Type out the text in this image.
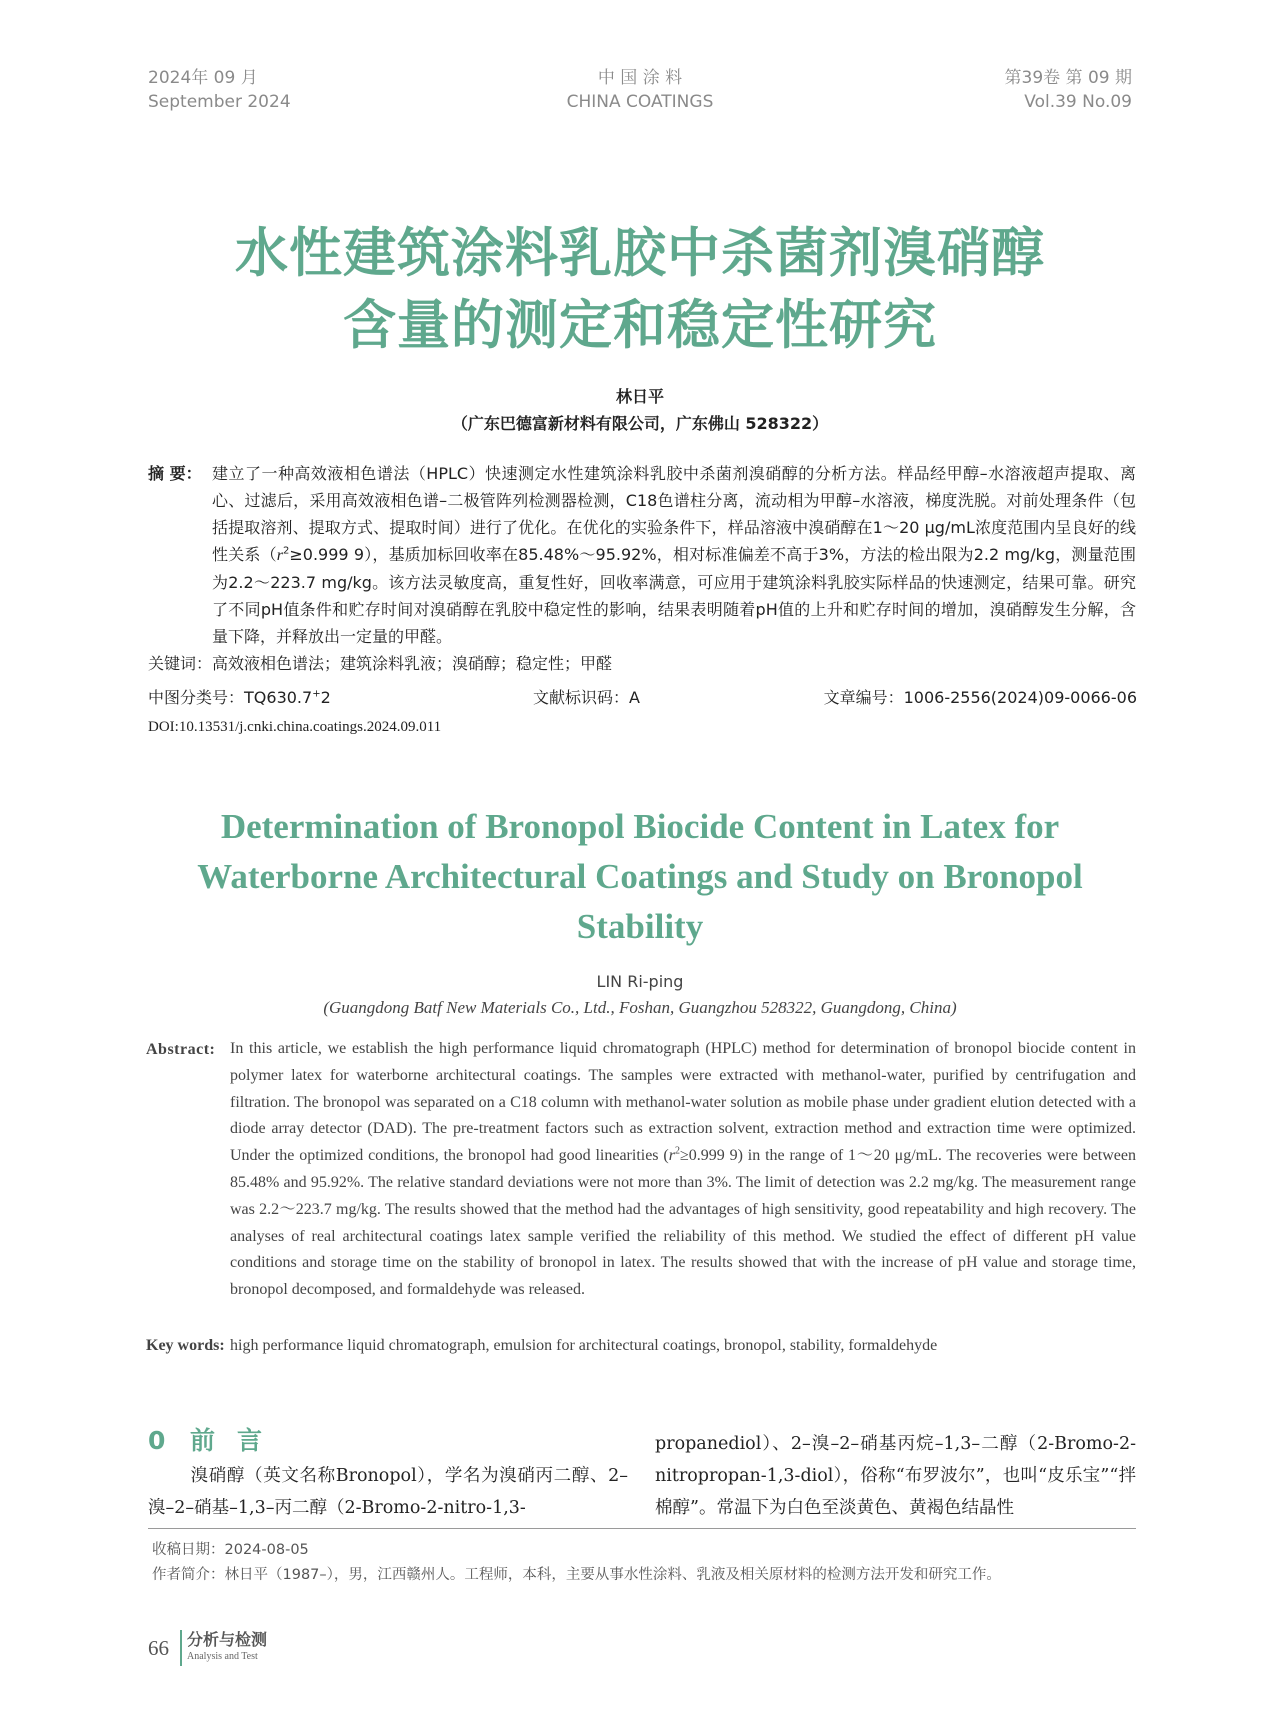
2024年 09 月
September 2024
中 国 涂 料
CHINA COATINGS
第39卷 第 09 期
Vol.39 No.09
水性建筑涂料乳胶中杀菌剂溴硝醇
含量的测定和稳定性研究
林日平
（广东巴德富新材料有限公司，广东佛山 528322）
摘 要： 建立了一种高效液相色谱法（HPLC）快速测定水性建筑涂料乳胶中杀菌剂溴硝醇的分析方法。样品经甲醇–水溶液超声提取、离心、过滤后，采用高效液相色谱–二极管阵列检测器检测，C18色谱柱分离，流动相为甲醇–水溶液，梯度洗脱。对前处理条件（包括提取溶剂、提取方式、提取时间）进行了优化。在优化的实验条件下，样品溶液中溴硝醇在1～20 μg/mL浓度范围内呈良好的线性关系（$r^2\ge 0.999$ 9），基质加标回收率在85.48%～95.92%，相对标准偏差不高于3%，方法的检出限为2.2 mg/kg，测量范围为2.2～223.7 mg/kg。该方法灵敏度高，重复性好，回收率满意，可应用于建筑涂料乳胶实际样品的快速测定，结果可靠。研究了不同pH值条件和贮存时间对溴硝醇在乳胶中稳定性的影响，结果表明随着pH值的上升和贮存时间的增加，溴硝醇发生分解，含量下降，并释放出一定量的甲醛。
关键词：高效液相色谱法；建筑涂料乳液；溴硝醇；稳定性；甲醛
中图分类号：TQ630.7+2	文献标识码：A	文章编号：1006-2556(2024)09-0066-06
DOI:10.13531/j.cnki.china.coatings.2024.09.011
Determination of Bronopol Biocide Content in Latex for
Waterborne Architectural Coatings and Study on Bronopol
Stability
LIN Ri-ping
(Guangdong Batf New Materials Co., Ltd., Foshan, Guangzhou 528322, Guangdong, China)
Abstract: In this article, we establish the high performance liquid chromatograph (HPLC) method for determination of bronopol biocide content in polymer latex for waterborne architectural coatings. The samples were extracted with methanol-water, purified by centrifugation and filtration. The bronopol was separated on a C18 column with methanol-water solution as mobile phase under gradient elution detected with a diode array detector (DAD). The pre-treatment factors such as extraction solvent, extraction method and extraction time were optimized. Under the optimized conditions, the bronopol had good linearities ($r^2\ge 0.999$ 9) in the range of 1～20 μg/mL. The recoveries were between 85.48% and 95.92%. The relative standard deviations were not more than 3%. The limit of detection was 2.2 mg/kg. The measurement range was 2.2～223.7 mg/kg. The results showed that the method had the advantages of high sensitivity, good repeatability and high recovery. The analyses of real architectural coatings latex sample verified the reliability of this method. We studied the effect of different pH value conditions and storage time on the stability of bronopol in latex. The results showed that with the increase of pH value and storage time, bronopol decomposed, and formaldehyde was released.
Key words: high performance liquid chromatograph, emulsion for architectural coatings, bronopol, stability, formaldehyde
0 前言
溴硝醇（英文名称Bronopol），学名为溴硝丙二醇、2–溴–2–硝基–1,3–丙二醇（2-Bromo-2-nitro-1,3-
propanediol）、2–溴–2–硝基丙烷–1,3–二醇（2-Bromo-2-nitropropan-1,3-diol），俗称“布罗波尔”，也叫“皮乐宝”“拌棉醇”。常温下为白色至淡黄色、黄褐色结晶性
收稿日期：2024-08-05
作者简介：林日平（1987–），男，江西赣州人。工程师，本科，主要从事水性涂料、乳液及相关原材料的检测方法开发和研究工作。
66 分析与检测
Analysis and Test
